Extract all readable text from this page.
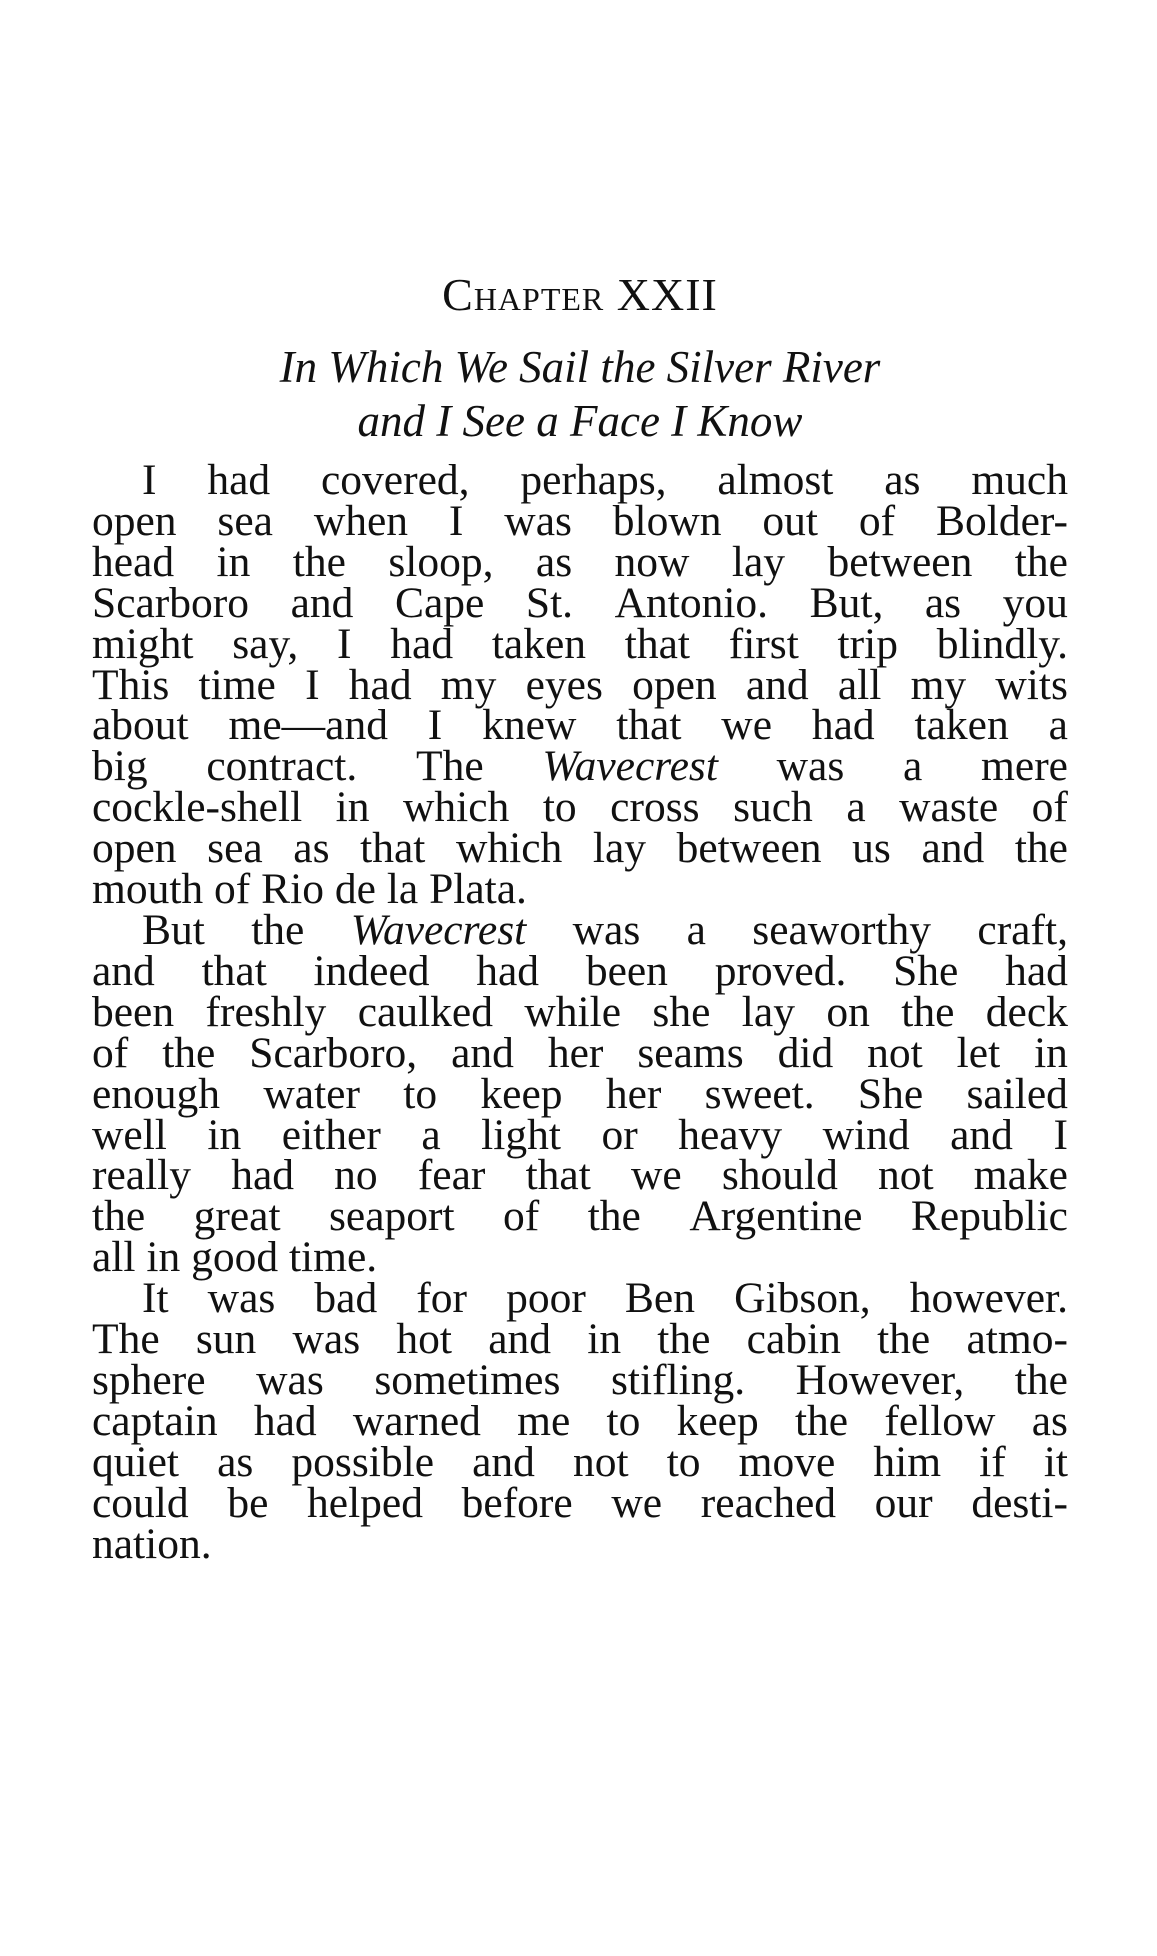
Chapter XXII
In Which We Sail the Silver River
and I See a Face I Know
I had covered, perhaps, almost as much
open sea when I was blown out of Bolder-
head in the sloop, as now lay between the
Scarboro and Cape St. Antonio. But, as you
might say, I had taken that first trip blindly.
This time I had my eyes open and all my wits
about me—and I knew that we had taken a
big contract. The Wavecrest was a mere
cockle-shell in which to cross such a waste of
open sea as that which lay between us and the
mouth of Rio de la Plata.
But the Wavecrest was a seaworthy craft,
and that indeed had been proved. She had
been freshly caulked while she lay on the deck
of the Scarboro, and her seams did not let in
enough water to keep her sweet. She sailed
well in either a light or heavy wind and I
really had no fear that we should not make
the great seaport of the Argentine Republic
all in good time.
It was bad for poor Ben Gibson, however.
The sun was hot and in the cabin the atmo-
sphere was sometimes stifling. However, the
captain had warned me to keep the fellow as
quiet as possible and not to move him if it
could be helped before we reached our desti-
nation.
